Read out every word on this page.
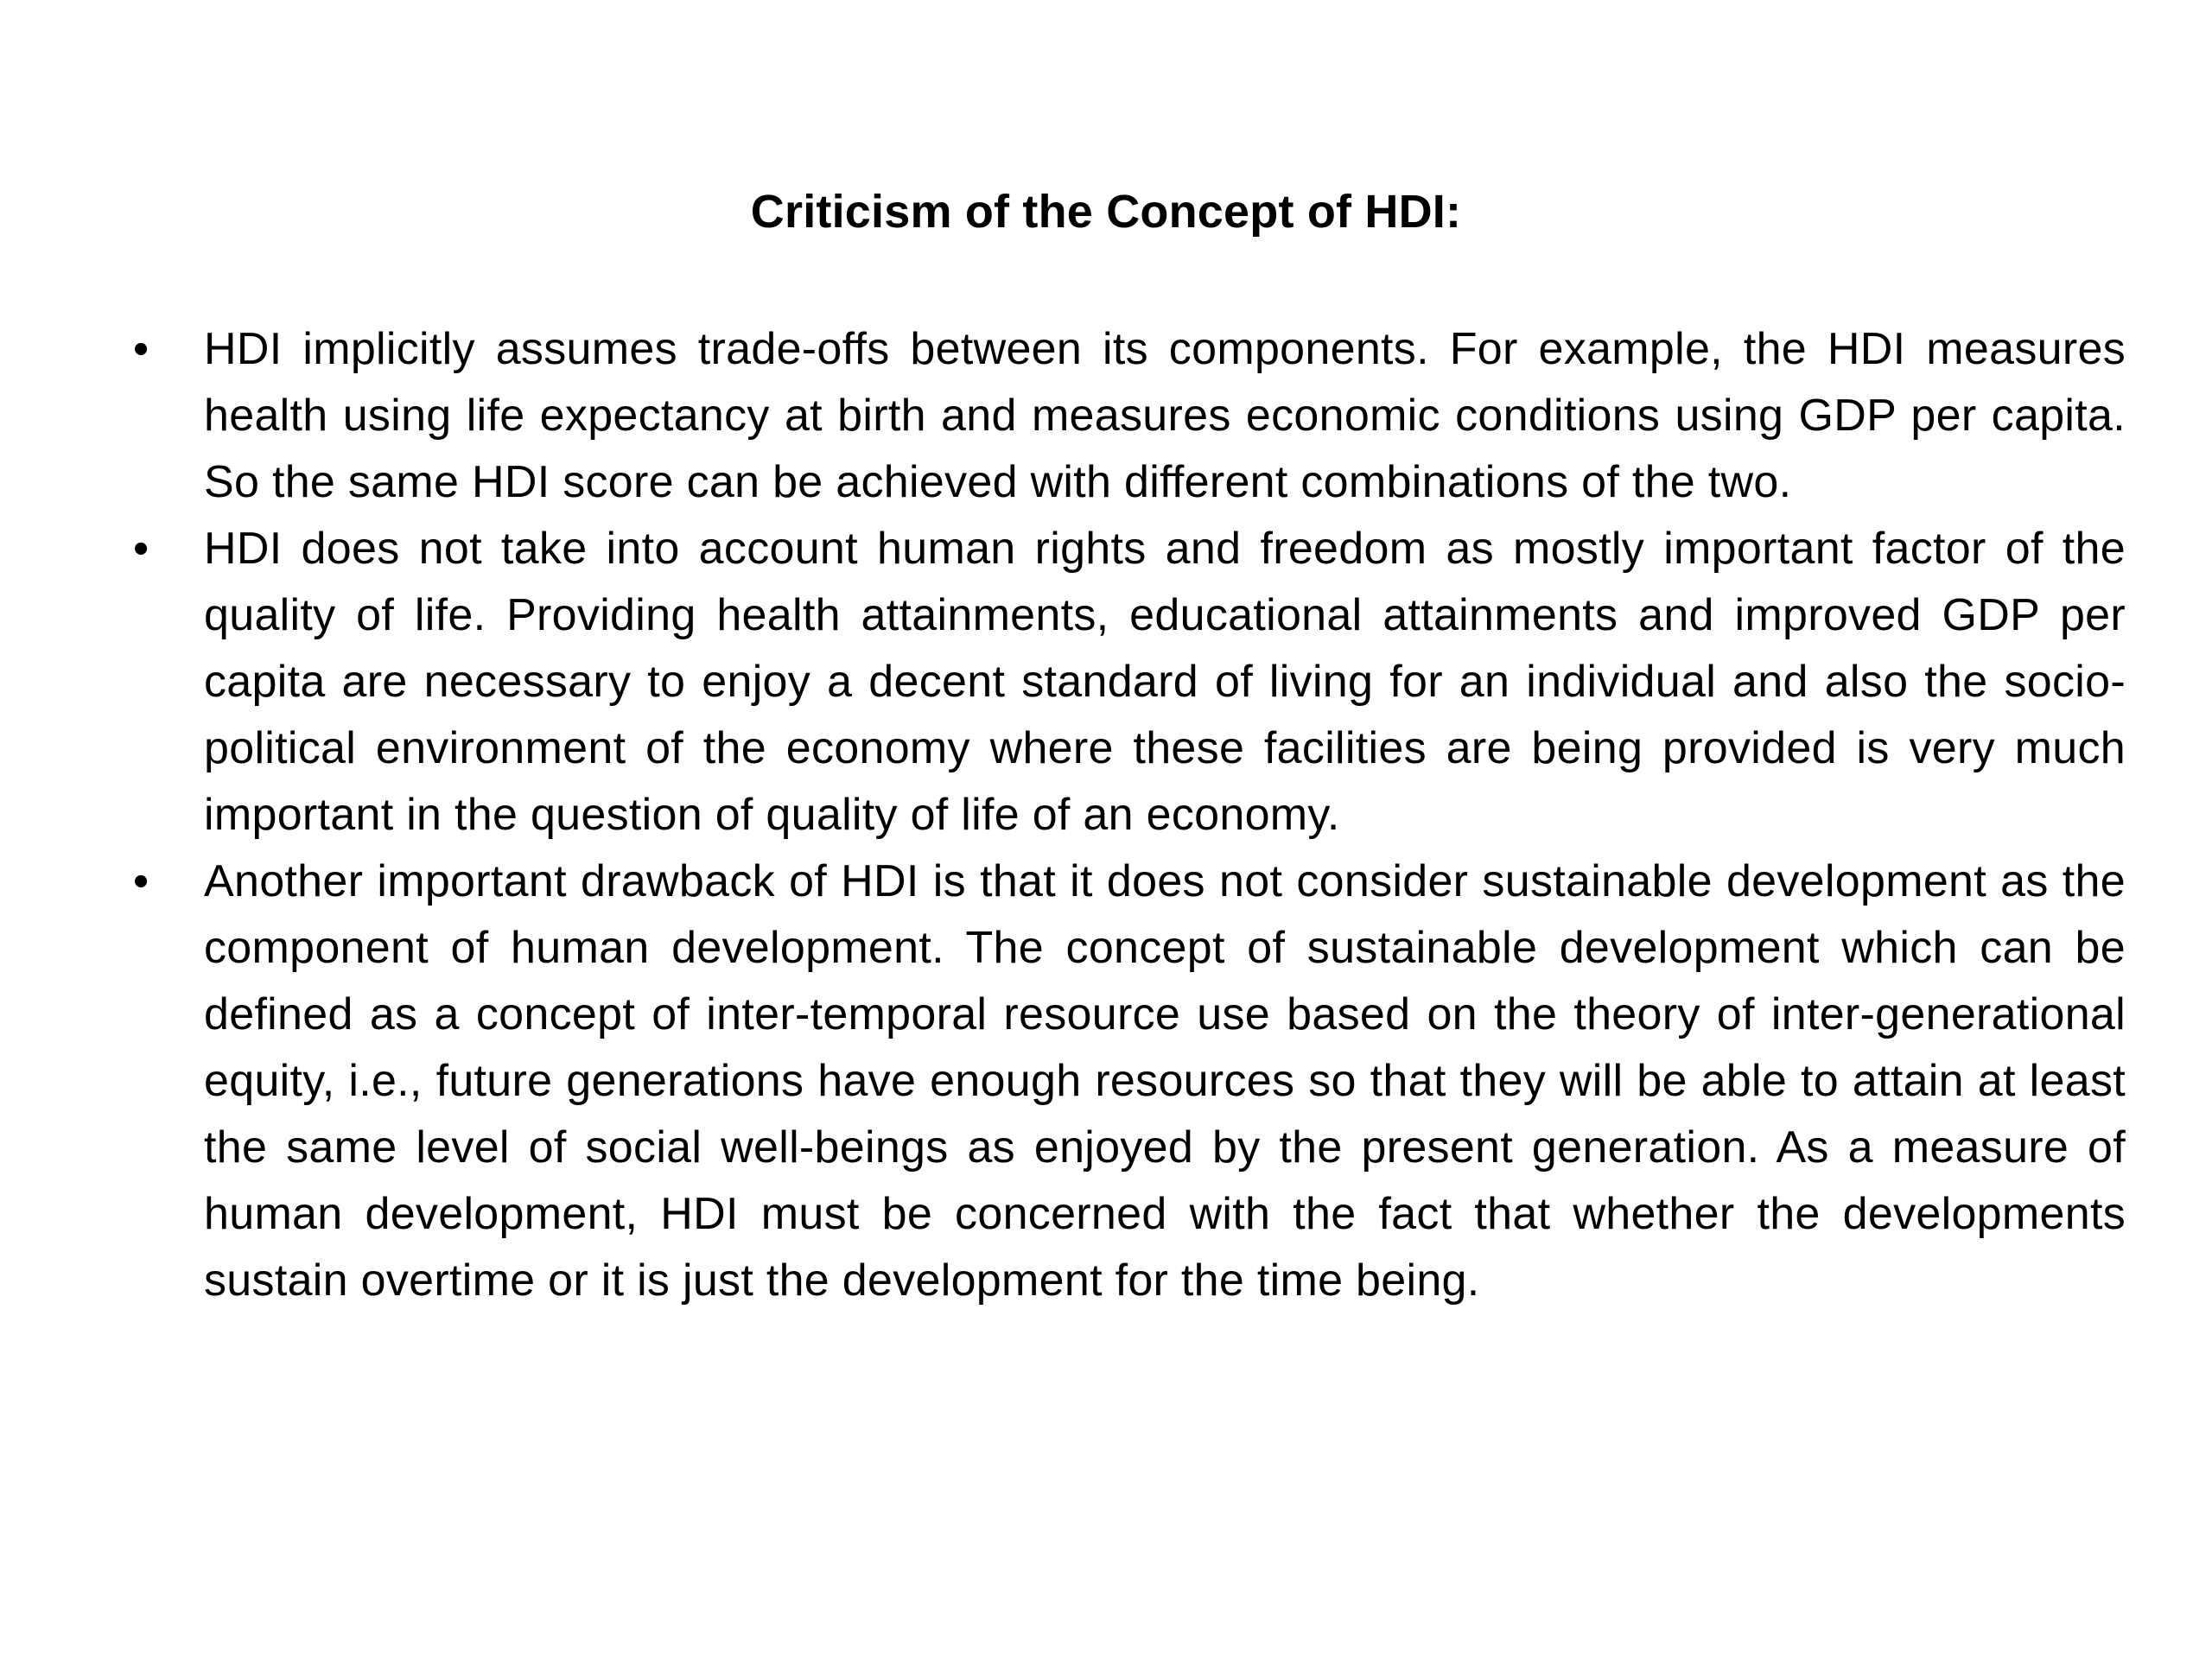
Criticism of the Concept of HDI:
• HDI implicitly assumes trade-offs between its components. For example, the HDI measures health using life expectancy at birth and measures economic conditions using GDP per capita. So the same HDI score can be achieved with different combinations of the two.
• HDI does not take into account human rights and freedom as mostly important factor of the quality of life. Providing health attainments, educational attainments and improved GDP per capita are necessary to enjoy a decent standard of living for an individual and also the socio-political environment of the economy where these facilities are being provided is very much important in the question of quality of life of an economy.
• Another important drawback of HDI is that it does not consider sustainable development as the component of human development. The concept of sustainable development which can be defined as a concept of inter-temporal resource use based on the theory of inter-generational equity, i.e., future generations have enough resources so that they will be able to attain at least the same level of social well-beings as enjoyed by the present generation. As a measure of human development, HDI must be concerned with the fact that whether the developments sustain overtime or it is just the development for the time being.
